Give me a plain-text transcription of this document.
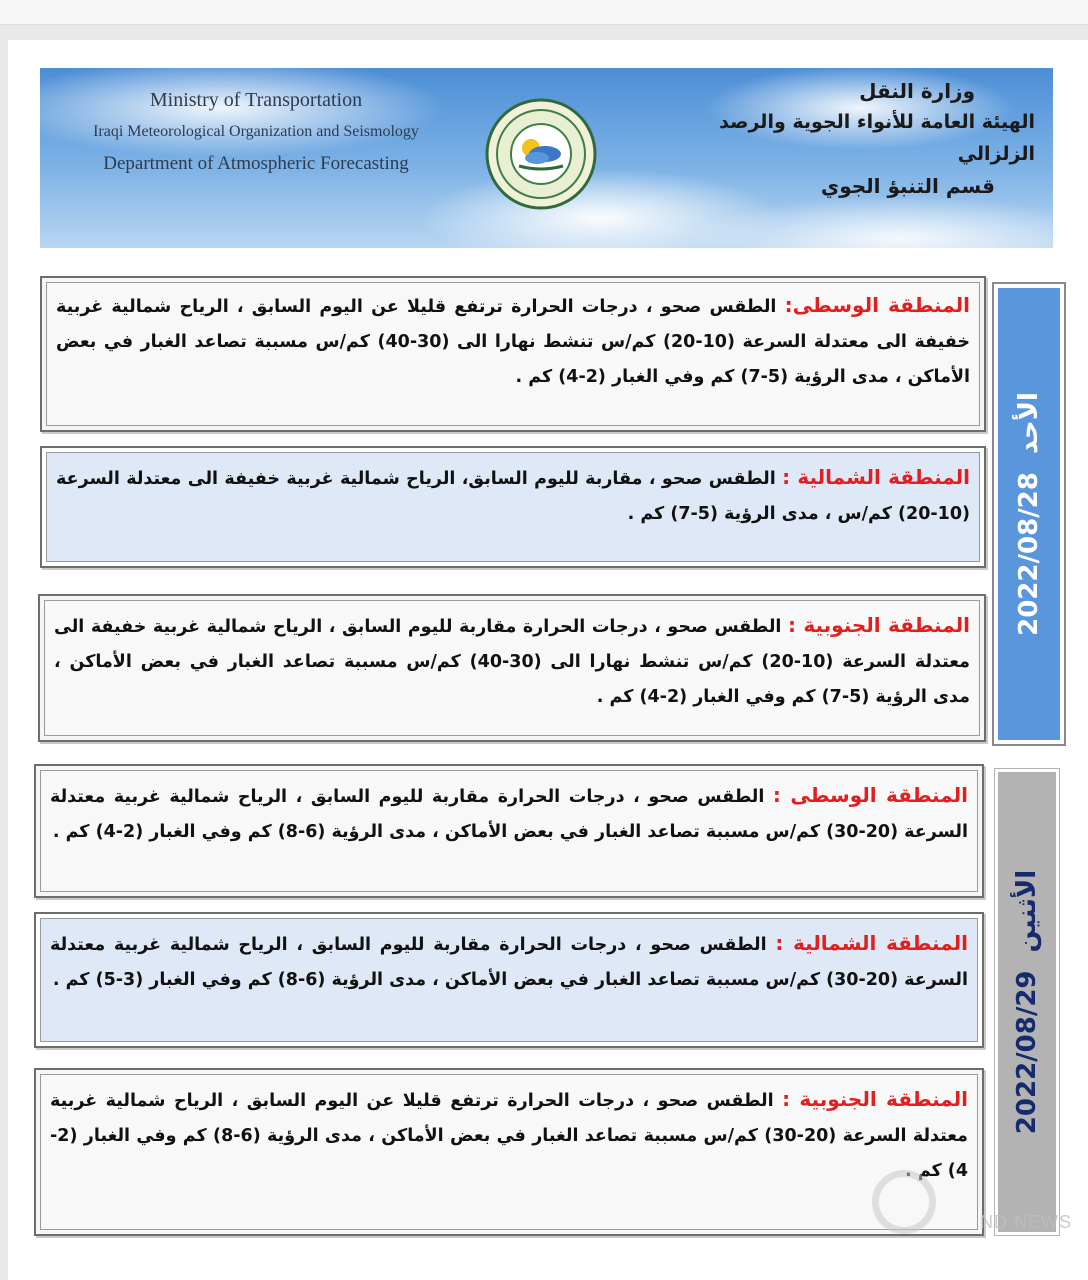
Ministry of Transportation
Iraqi Meteorological Organization and Seismology
Department of Atmospheric Forecasting
وزارة النقل
الهيئة العامة للأنواء الجوية والرصد الزلزالي
قسم التنبؤ الجوي
المنطقة الوسطى: الطقس صحو ، درجات الحرارة ترتفع قليلا عن اليوم السابق ، الرياح شمالية غربية خفيفة الى معتدلة السرعة (10-20) كم/س تنشط نهارا الى (30-40) كم/س مسببة تصاعد الغبار في بعض الأماكن ، مدى الرؤية (5-7) كم وفي الغبار (2-4) كم .
المنطقة الشمالية : الطقس صحو ، مقاربة لليوم السابق، الرياح شمالية غربية خفيفة الى معتدلة السرعة (10-20) كم/س ، مدى الرؤية (5-7) كم .
المنطقة الجنوبية : الطقس صحو ، درجات الحرارة مقاربة لليوم السابق ، الرياح شمالية غربية خفيفة الى معتدلة السرعة (10-20) كم/س تنشط نهارا الى (30-40) كم/س مسببة تصاعد الغبار في بعض الأماكن ، مدى الرؤية (5-7) كم وفي الغبار (2-4) كم .
2022/08/28الأحد
المنطقة الوسطى : الطقس صحو ، درجات الحرارة مقاربة لليوم السابق ، الرياح شمالية غربية معتدلة السرعة (20-30) كم/س مسببة تصاعد الغبار في بعض الأماكن ، مدى الرؤية (6-8) كم وفي الغبار (2-4) كم .
المنطقة الشمالية : الطقس صحو ، درجات الحرارة مقاربة لليوم السابق ، الرياح شمالية غربية معتدلة السرعة (20-30) كم/س مسببة تصاعد الغبار في بعض الأماكن ، مدى الرؤية (6-8) كم وفي الغبار (3-5) كم .
المنطقة الجنوبية : الطقس صحو ، درجات الحرارة ترتفع قليلا عن اليوم السابق ، الرياح شمالية غربية معتدلة السرعة (20-30) كم/س مسببة تصاعد الغبار في بعض الأماكن ، مدى الرؤية (6-8) كم وفي الغبار (2-4) كم .
2022/08/29الأثنين
ND NEWS
